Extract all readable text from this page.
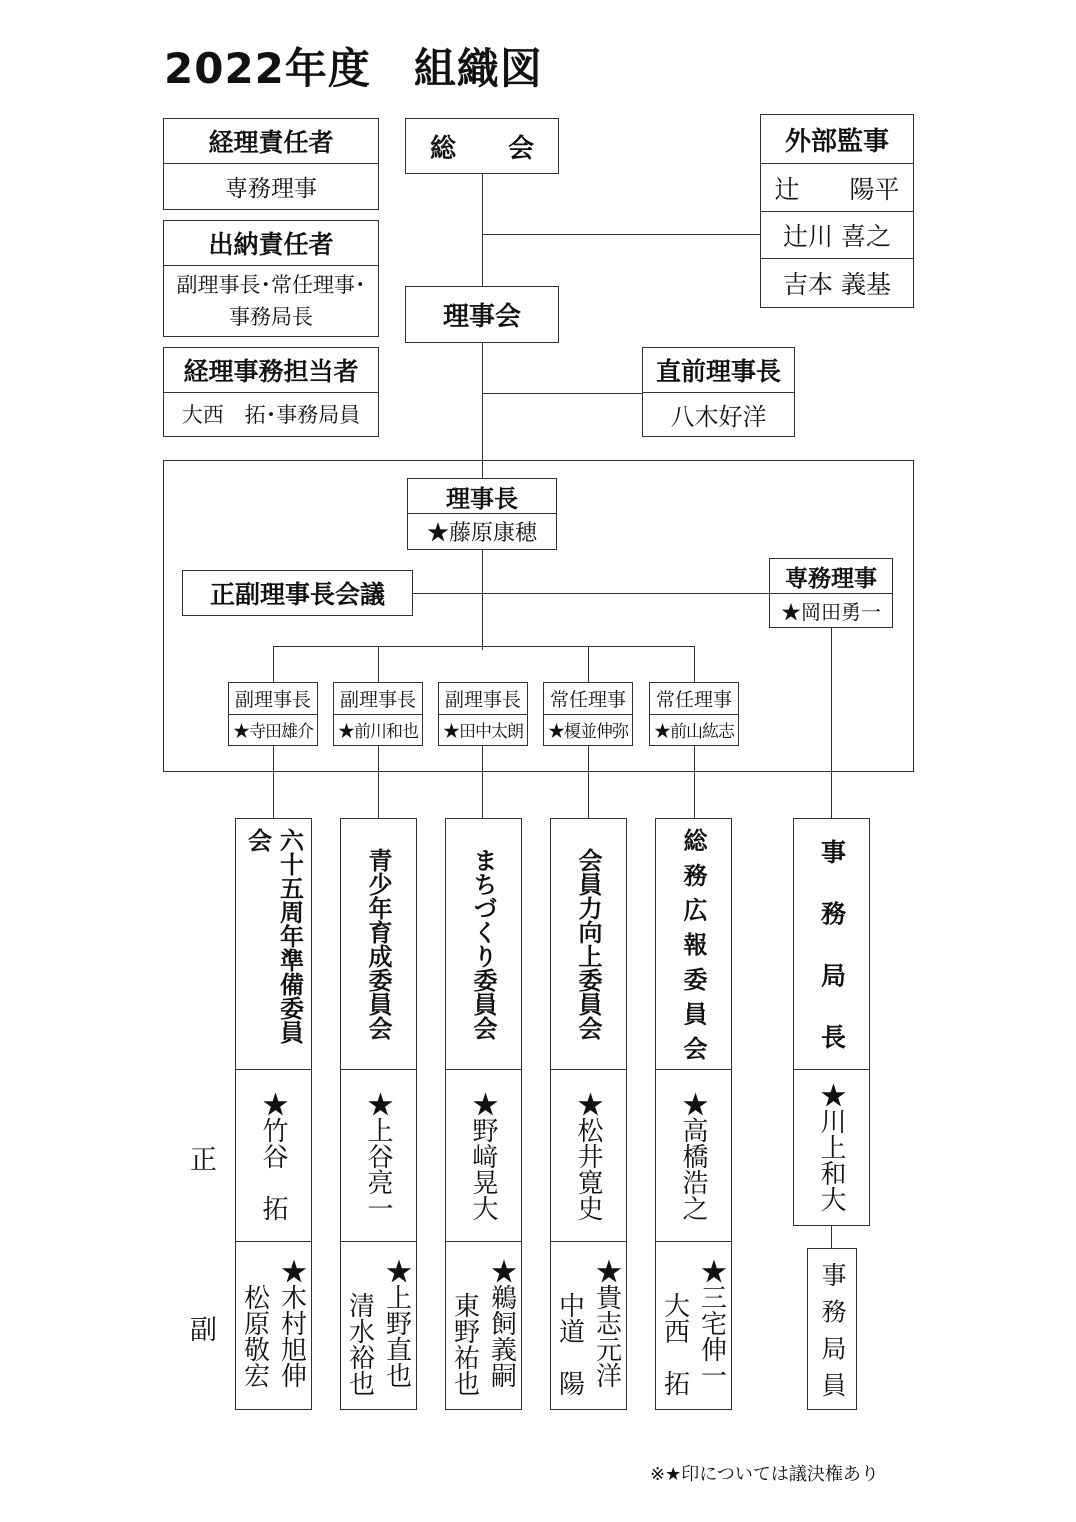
2022年度　組織図
経理責任者
専務理事
出納責任者
副理事長･常任理事･
事務局長
経理事務担当者
大西　拓･事務局員
総　　会	外部監事
辻　　陽平
辻川 喜之
吉本 義基
理事会
直前理事長
八木好洋
理事長
★藤原康穂
正副理事長会議
専務理事
★岡田勇一
副理事長
★寺田雄介
副理事長
★前川和也
副理事長
★田中太朗
常任理事
★榎並伸弥
常任理事
★前山紘志
六十五周年準備委員会
★竹谷　拓
松原敬宏 ★木村旭伸
青少年育成委員会
★上谷亮一
清水裕也 ★上野直也
まちづくり委員会
★野﨑晃大
東野祐也 ★鵜飼義嗣
会員力向上委員会
★松井寛史
中道　陽 ★貴志元洋
総務広報委員会
★高橋浩之
大西　拓 ★三宅伸一
事務局長
★川上和大
事務局員
正
副
※★印については議決権あり
